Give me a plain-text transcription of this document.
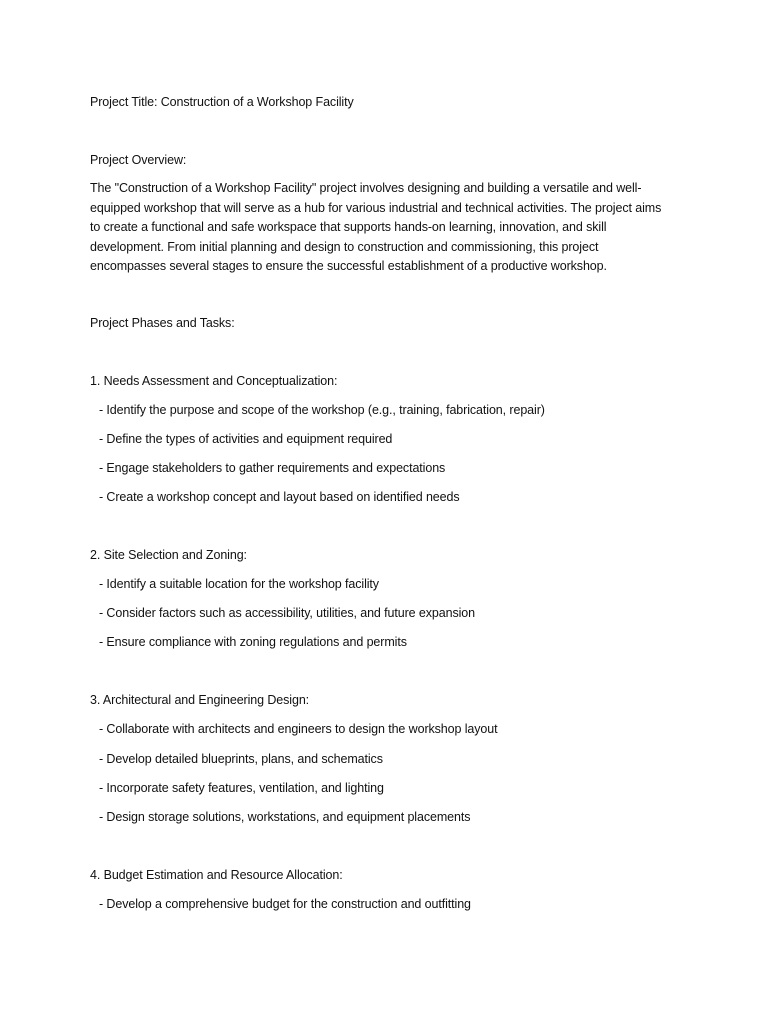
Project Title: Construction of a Workshop Facility
Project Overview:
The "Construction of a Workshop Facility" project involves designing and building a versatile and well-equipped workshop that will serve as a hub for various industrial and technical activities. The project aims to create a functional and safe workspace that supports hands-on learning, innovation, and skill development. From initial planning and design to construction and commissioning, this project encompasses several stages to ensure the successful establishment of a productive workshop.
Project Phases and Tasks:
1. Needs Assessment and Conceptualization:
- Identify the purpose and scope of the workshop (e.g., training, fabrication, repair)
- Define the types of activities and equipment required
- Engage stakeholders to gather requirements and expectations
- Create a workshop concept and layout based on identified needs
2. Site Selection and Zoning:
- Identify a suitable location for the workshop facility
- Consider factors such as accessibility, utilities, and future expansion
- Ensure compliance with zoning regulations and permits
3. Architectural and Engineering Design:
- Collaborate with architects and engineers to design the workshop layout
- Develop detailed blueprints, plans, and schematics
- Incorporate safety features, ventilation, and lighting
- Design storage solutions, workstations, and equipment placements
4. Budget Estimation and Resource Allocation:
- Develop a comprehensive budget for the construction and outfitting
